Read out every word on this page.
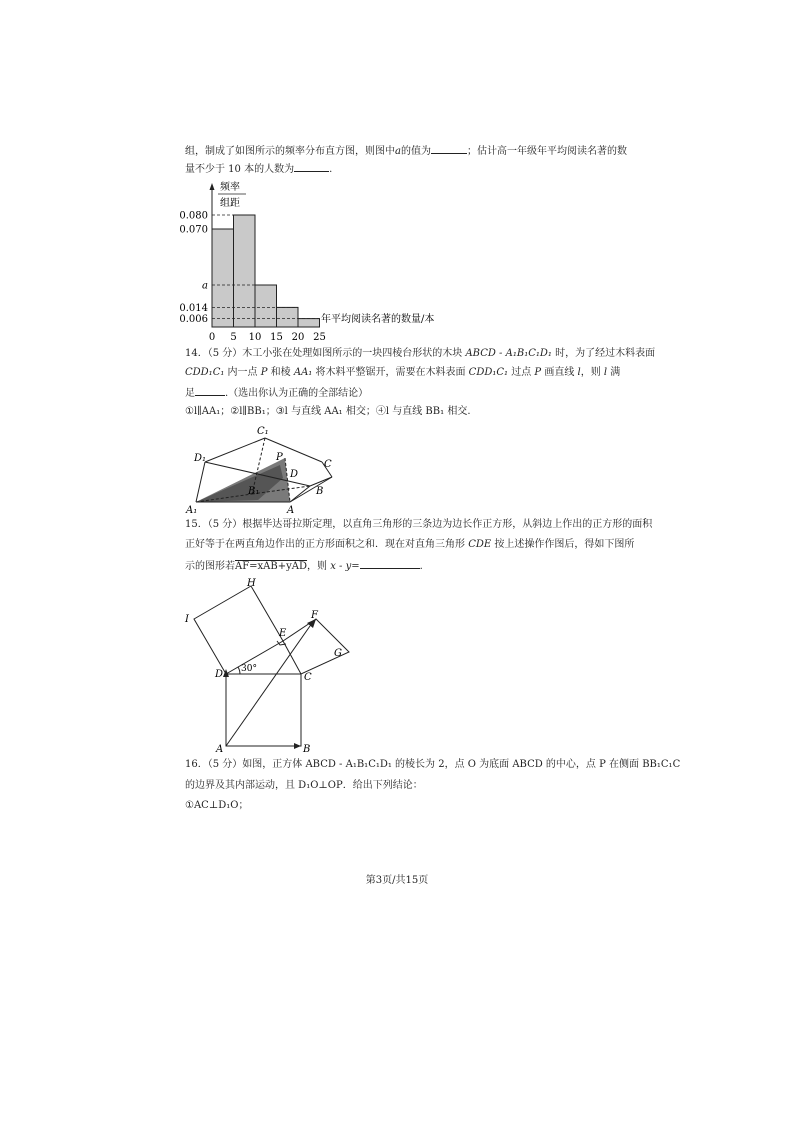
组，制成了如图所示的频率分布直方图，则图中a的值为	；估计高一年级年平均阅读名著的数
量不少于 10 本的人数为	.
频率
组距
年平均阅读名著的数量/本
0.070
0.080
a
0.014
0.006
0 5 10 15 20 25
14．（5 分）木工小张在处理如图所示的一块四棱台形状的木块 ABCD - A₁B₁C₁D₁ 时，为了经过木料表面
CDD₁C₁ 内一点 P 和棱 AA₁ 将木料平整锯开，需要在木料表面 CDD₁C₁ 过点 P 画直线 l，则 l 满
足	.（选出你认为正确的全部结论）
①l∥AA₁；②l∥BB₁；③l 与直线 AA₁ 相交；④l 与直线 BB₁ 相交.
C₁
D₁	P
C
D
B₁	B
A₁	A
15．（5 分）根据毕达哥拉斯定理，以直角三角形的三条边为边长作正方形，从斜边上作出的正方形的面积
正好等于在两直角边作出的正方形面积之和．现在对直角三角形 CDE 按上述操作作图后，得如下图所
示的图形若AF=xAB+yAD，则 x - y=	.
H
I	F
E
G
D	C
30°
A	B
16．（5 分）如图，正方体 ABCD - A₁B₁C₁D₁ 的棱长为 2，点 O 为底面 ABCD 的中心，点 P 在侧面 BB₁C₁C
的边界及其内部运动，且 D₁O⊥OP．给出下列结论：
①AC⊥D₁O；
第3页/共15页
